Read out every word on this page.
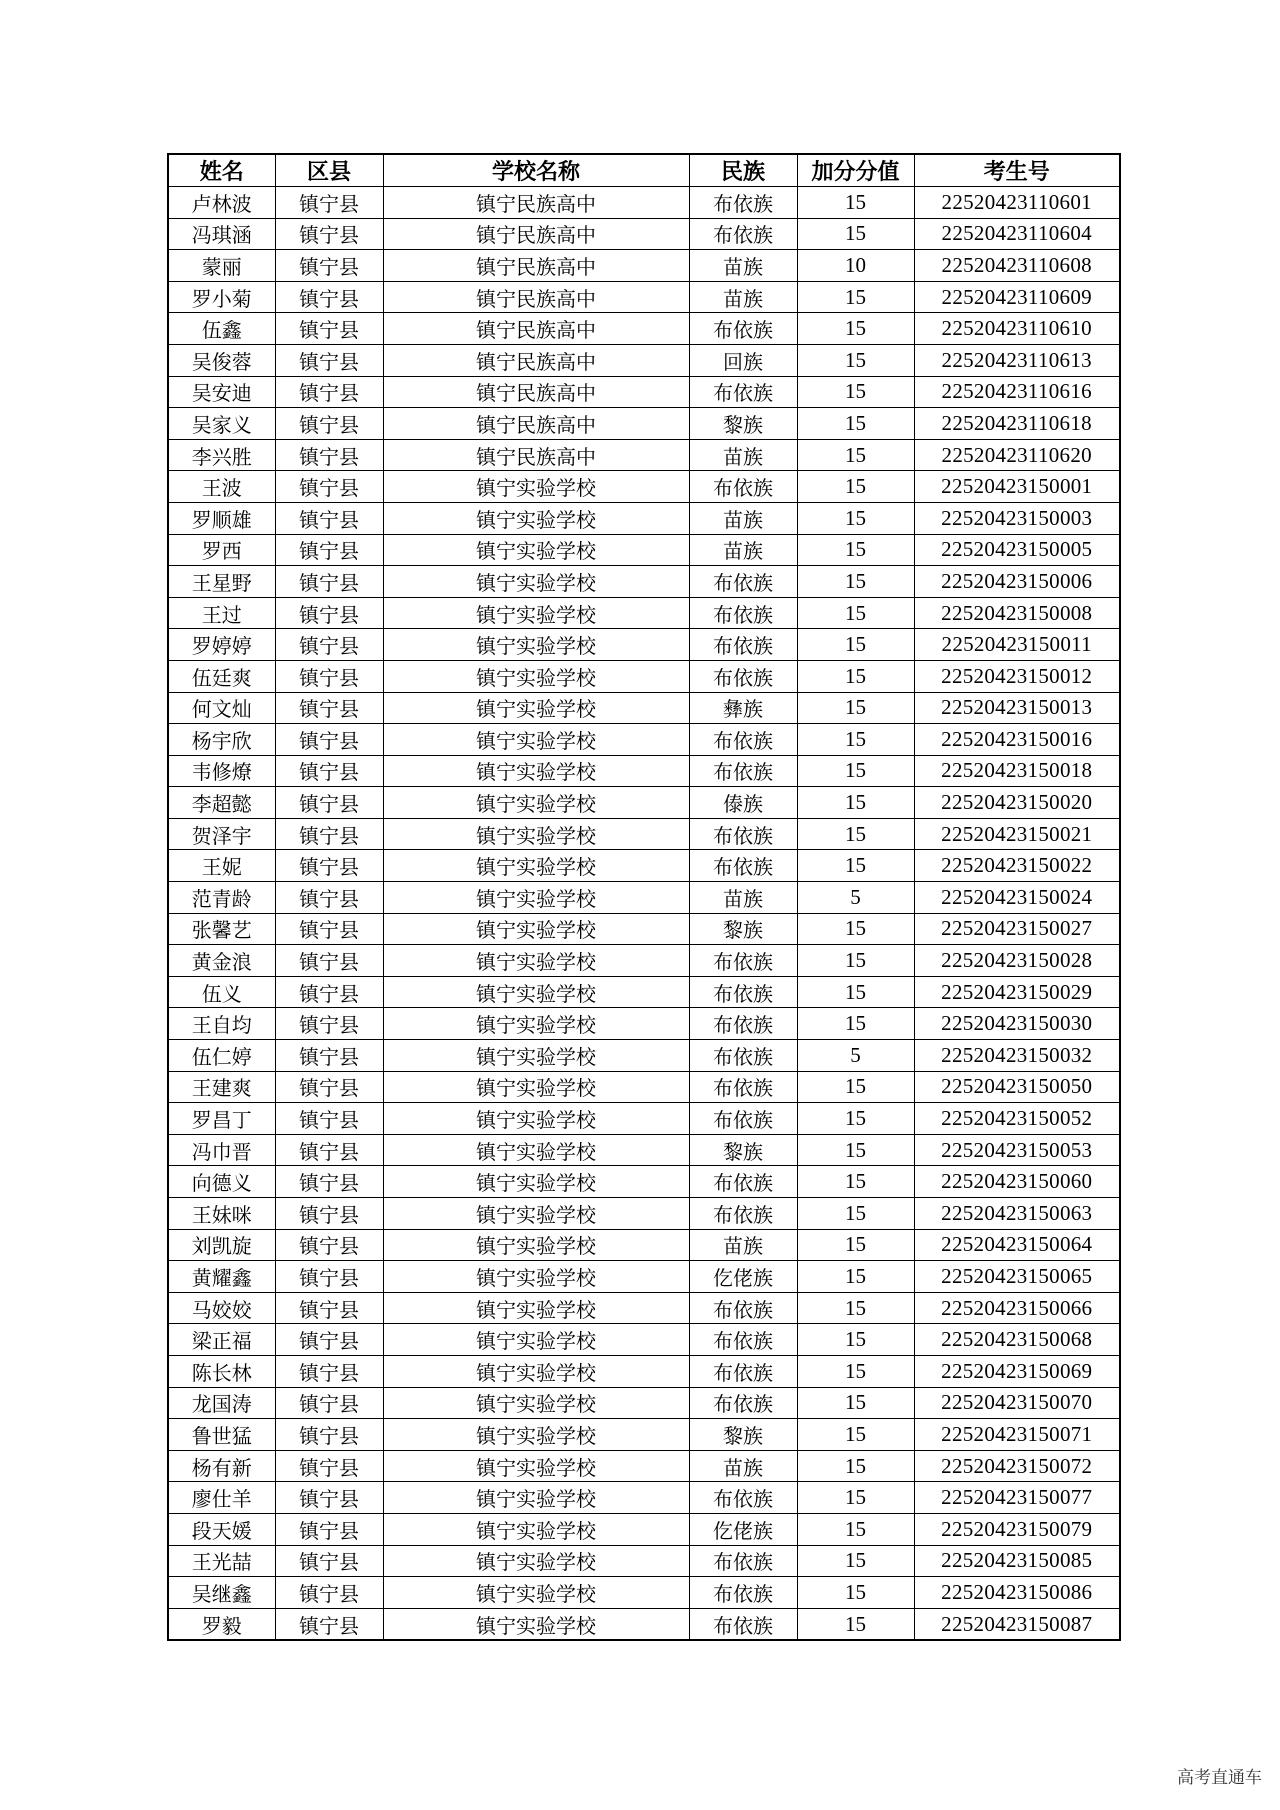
姓名	区县	学校名称	民族	加分分值	考生号
卢林波	镇宁县	镇宁民族高中	布依族	15	22520423110601
冯琪涵	镇宁县	镇宁民族高中	布依族	15	22520423110604
蒙丽	镇宁县	镇宁民族高中	苗族	10	22520423110608
罗小菊	镇宁县	镇宁民族高中	苗族	15	22520423110609
伍鑫	镇宁县	镇宁民族高中	布依族	15	22520423110610
吴俊蓉	镇宁县	镇宁民族高中	回族	15	22520423110613
吴安迪	镇宁县	镇宁民族高中	布依族	15	22520423110616
吴家义	镇宁县	镇宁民族高中	黎族	15	22520423110618
李兴胜	镇宁县	镇宁民族高中	苗族	15	22520423110620
王波	镇宁县	镇宁实验学校	布依族	15	22520423150001
罗顺雄	镇宁县	镇宁实验学校	苗族	15	22520423150003
罗西	镇宁县	镇宁实验学校	苗族	15	22520423150005
王星野	镇宁县	镇宁实验学校	布依族	15	22520423150006
王过	镇宁县	镇宁实验学校	布依族	15	22520423150008
罗婷婷	镇宁县	镇宁实验学校	布依族	15	22520423150011
伍廷爽	镇宁县	镇宁实验学校	布依族	15	22520423150012
何文灿	镇宁县	镇宁实验学校	彝族	15	22520423150013
杨宇欣	镇宁县	镇宁实验学校	布依族	15	22520423150016
韦修燎	镇宁县	镇宁实验学校	布依族	15	22520423150018
李超懿	镇宁县	镇宁实验学校	傣族	15	22520423150020
贺泽宇	镇宁县	镇宁实验学校	布依族	15	22520423150021
王妮	镇宁县	镇宁实验学校	布依族	15	22520423150022
范青龄	镇宁县	镇宁实验学校	苗族	5	22520423150024
张馨艺	镇宁县	镇宁实验学校	黎族	15	22520423150027
黄金浪	镇宁县	镇宁实验学校	布依族	15	22520423150028
伍义	镇宁县	镇宁实验学校	布依族	15	22520423150029
王自均	镇宁县	镇宁实验学校	布依族	15	22520423150030
伍仁婷	镇宁县	镇宁实验学校	布依族	5	22520423150032
王建爽	镇宁县	镇宁实验学校	布依族	15	22520423150050
罗昌丁	镇宁县	镇宁实验学校	布依族	15	22520423150052
冯巾晋	镇宁县	镇宁实验学校	黎族	15	22520423150053
向德义	镇宁县	镇宁实验学校	布依族	15	22520423150060
王妹咪	镇宁县	镇宁实验学校	布依族	15	22520423150063
刘凯旋	镇宁县	镇宁实验学校	苗族	15	22520423150064
黄耀鑫	镇宁县	镇宁实验学校	仡佬族	15	22520423150065
马姣姣	镇宁县	镇宁实验学校	布依族	15	22520423150066
梁正福	镇宁县	镇宁实验学校	布依族	15	22520423150068
陈长林	镇宁县	镇宁实验学校	布依族	15	22520423150069
龙国涛	镇宁县	镇宁实验学校	布依族	15	22520423150070
鲁世猛	镇宁县	镇宁实验学校	黎族	15	22520423150071
杨有新	镇宁县	镇宁实验学校	苗族	15	22520423150072
廖仕羊	镇宁县	镇宁实验学校	布依族	15	22520423150077
段天媛	镇宁县	镇宁实验学校	仡佬族	15	22520423150079
王光喆	镇宁县	镇宁实验学校	布依族	15	22520423150085
吴继鑫	镇宁县	镇宁实验学校	布依族	15	22520423150086
罗毅	镇宁县	镇宁实验学校	布依族	15	22520423150087
高考直通车
